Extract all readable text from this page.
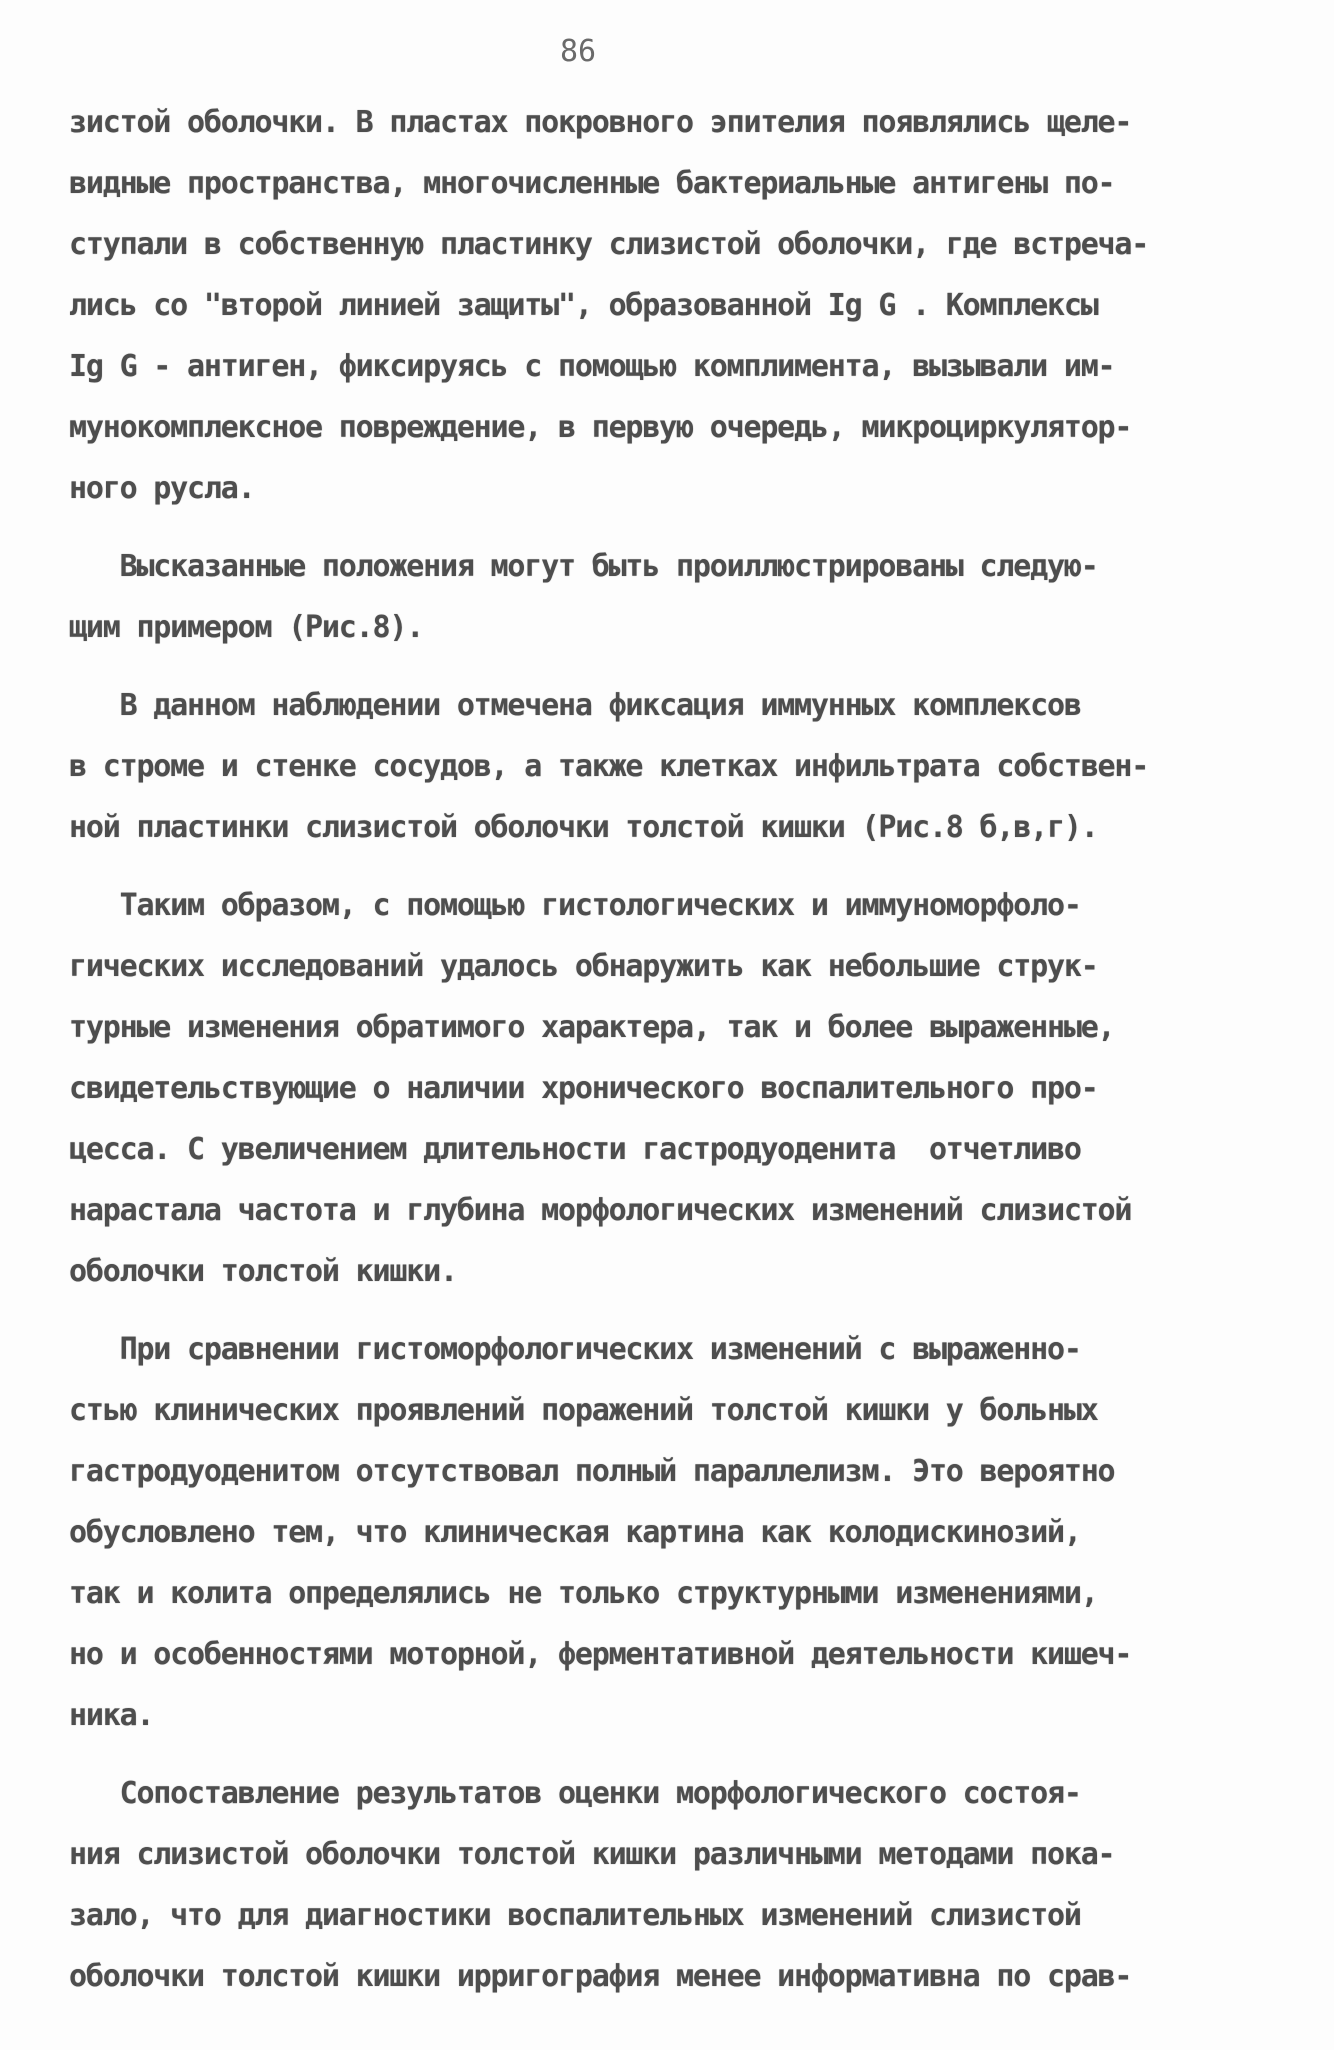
86
зистой оболочки. В пластах покровного эпителия появлялись щеле-
видные пространства, многочисленные бактериальные антигены по-
ступали в собственную пластинку слизистой оболочки, где встреча-
лись со "второй линией защиты", образованной Ig G . Комплексы
Ig G - антиген, фиксируясь с помощью комплимента, вызывали им-
мунокомплексное повреждение, в первую очередь, микроциркулятор-
ного русла.
Высказанные положения могут быть проиллюстрированы следую-
щим примером (Рис.8).
В данном наблюдении отмечена фиксация иммунных комплексов
в строме и стенке сосудов, а также клетках инфильтрата собствен-
ной пластинки слизистой оболочки толстой кишки (Рис.8 б,в,г).
Таким образом, с помощью гистологических и иммуноморфоло-
гических исследований удалось обнаружить как небольшие струк-
турные изменения обратимого характера, так и более выраженные,
свидетельствующие о наличии хронического воспалительного про-
цесса. С увеличением длительности гастродуоденита  отчетливо
нарастала частота и глубина морфологических изменений слизистой
оболочки толстой кишки.
При сравнении гистоморфологических изменений с выраженно-
стью клинических проявлений поражений толстой кишки у больных
гастродуоденитом отсутствовал полный параллелизм. Это вероятно
обусловлено тем, что клиническая картина как колодискинозий,
так и колита определялись не только структурными изменениями,
но и особенностями моторной, ферментативной деятельности кишеч-
ника.
Сопоставление результатов оценки морфологического состоя-
ния слизистой оболочки толстой кишки различными методами пока-
зало, что для диагностики воспалительных изменений слизистой
оболочки толстой кишки ирригография менее информативна по срав-
